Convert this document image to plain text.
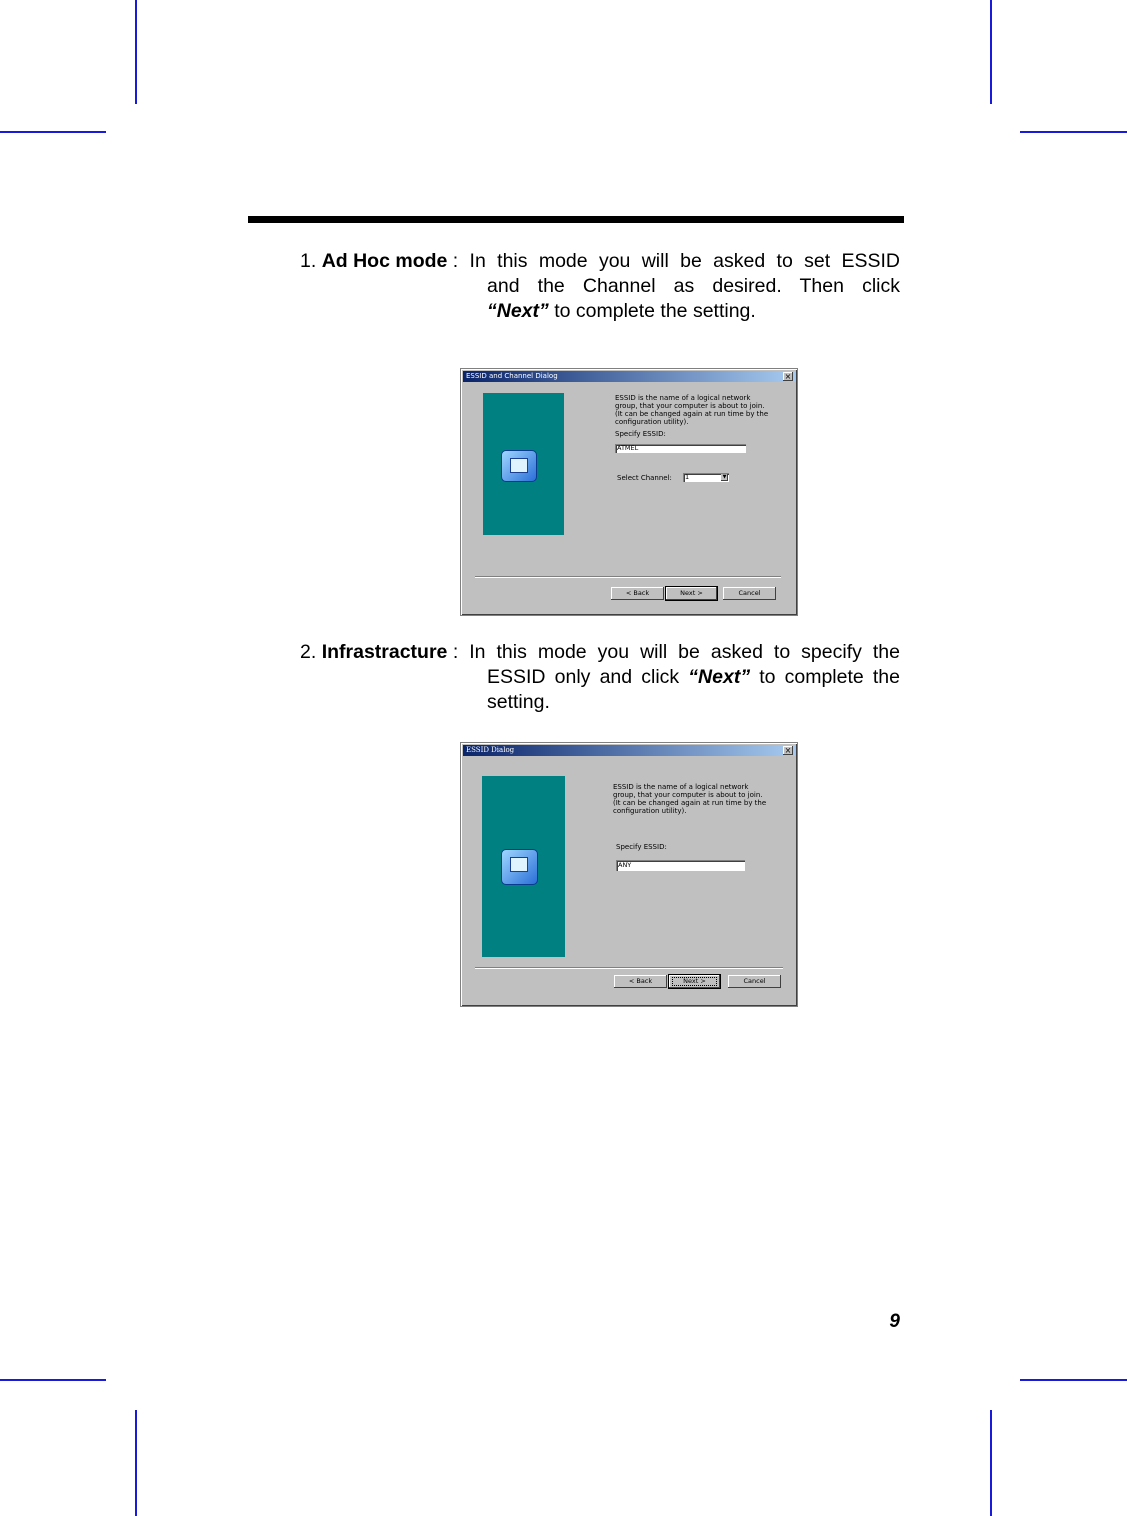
1. Ad Hoc mode : In this mode you will be asked to set ESSID
and the Channel as desired. Then click
“Next” to complete the setting.
ESSID and Channel Dialog	×
ESSID is the name of a logical network
group, that your computer is about to join.
(It can be changed again at run time by the
configuration utility).
Specify ESSID:
ATMEL
Select Channel:	1	▼
< Back	Next >	Cancel
2. Infrastracture : In this mode you will be asked to specify the
ESSID only and click “Next” to complete the
setting.
ESSID Dialog	×
ESSID is the name of a logical network
group, that your computer is about to join.
(It can be changed again at run time by the
configuration utility).
Specify ESSID:
ANY
< Back	Next >	Cancel
9
